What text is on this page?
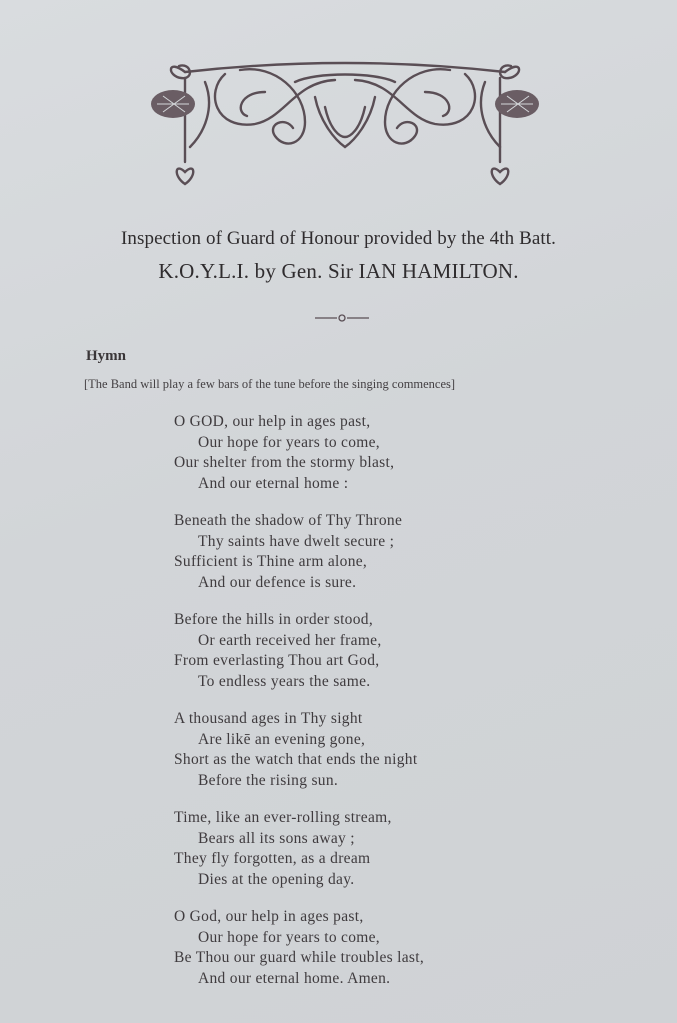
Inspection of Guard of Honour provided by the 4th Batt.
K.O.Y.L.I. by Gen. Sir IAN HAMILTON.
Hymn
[The Band will play a few bars of the tune before the singing commences]
O GOD, our help in ages past,
Our hope for years to come,
Our shelter from the stormy blast,
And our eternal home :
Beneath the shadow of Thy Throne
Thy saints have dwelt secure ;
Sufficient is Thine arm alone,
And our defence is sure.
Before the hills in order stood,
Or earth received her frame,
From everlasting Thou art God,
To endless years the same.
A thousand ages in Thy sight
Are likē an evening gone,
Short as the watch that ends the night
Before the rising sun.
Time, like an ever-rolling stream,
Bears all its sons away ;
They fly forgotten, as a dream
Dies at the opening day.
O God, our help in ages past,
Our hope for years to come,
Be Thou our guard while troubles last,
And our eternal home. Amen.
